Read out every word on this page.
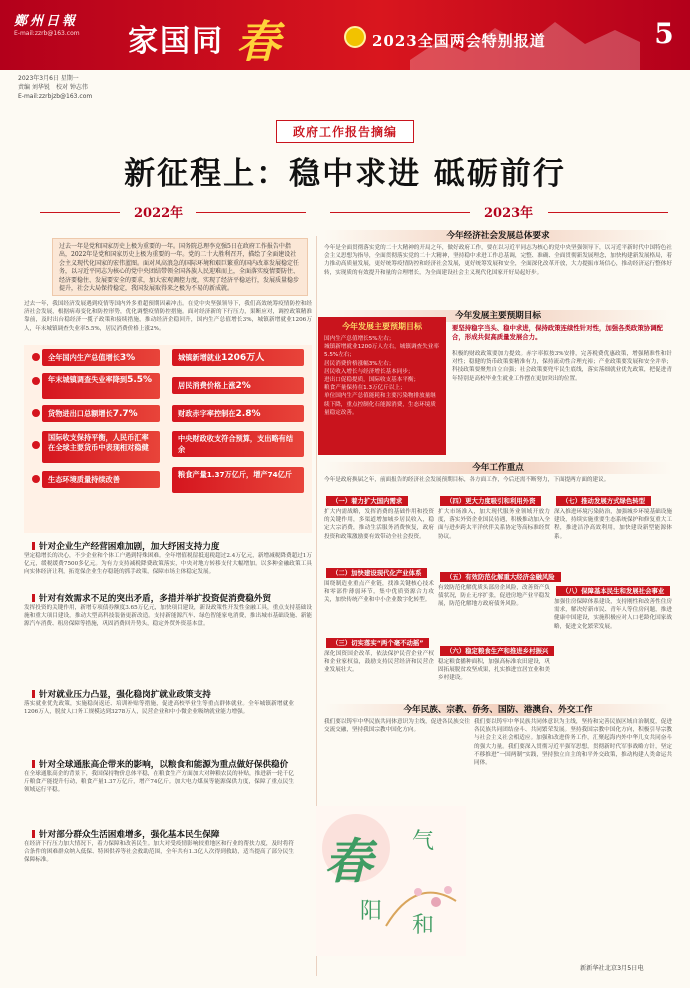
鄭州日報
E-mail:zzrb@163.com 家国同 春	2023全国两会特别报道	5
2023年3月6日 星期一
责编 刘华锐　 校对 钟志伟
E-mail:zzrbjzb@163.com
政府工作报告摘编
新征程上：稳中求进 砥砺前行
2022年	2023年
过去一年是党和国家历史上极为重要的一年。国务院总理李克强5日在政府工作报告中指出，2022年是党和国家历史上极为重要的一年。党的二十大胜利召开，描绘了全面建设社会主义现代化国家的宏伟蓝图。面对风高浪急的国际环境和艰巨繁重的国内改革发展稳定任务，以习近平同志为核心的党中央团结带领全国各族人民迎难而上，全面落实疫情要防住、经济要稳住、发展要安全的要求，加大宏观调控力度，实现了经济平稳运行，发展质量稳步提升，社会大局保持稳定，我国发展取得来之极为不易的新成就。
过去一年，我国经济发展遇到疫情等国内外多重超预期因素冲击。在党中央坚强领导下，我们高效统筹疫情防控和经济社会发展，根据病毒变化和防控形势，优化调整疫情防控措施。面对经济新的下行压力，果断应对，调控政策精准靠前，及时出台稳经济一揽子政策和接续措施，推动经济企稳回升，国内生产总值增长3%，城镇新增就业1206万人，年末城镇调查失业率5.5%，居民消费价格上涨2%。
全年国内生产总值增长3%	城镇新增就业1206万人
年末城镇调查失业率降到5.5%
居民消费价格上涨2%
货物进出口总额增长7.7%	财政赤字率控制在2.8%
国际收支保持平衡，人民币汇率在全球主要货币中表现相对稳健
中央财政收支符合预算，支出略有结余
生态环境质量持续改善
粮食产量1.37万亿斤，增产74亿斤
针对企业生产经营困难加剧，加大纾困支持力度
坚定稳增长的决心，不少企业和个体工户遇到特殊困难。全年增值税留抵退税超过2.4万亿元，新增减税降费超过1万亿元，缓税缓费7500多亿元。为有力支持减税降费政策落实，中央对地方转移支付大幅增加。以多种金融政策工具向实体经济让利，拓宽保企业生存稳链的抓手政策，保障市场主体稳定发展。
针对有效需求不足的突出矛盾，多措并举扩投资促消费稳外贸
发挥投资的关键作用，新增专项债券额度3.65万亿元，加快项目建设，新设政策性开发性金融工具，重点支持基础设施和重大项目建设，推动大型高科技装备更新改造。支持新能源汽车、绿色智能家电消费，推出城市基础设施、新能源汽车消费、租房保障等措施，巩固消费回升势头，稳定外贸外资基本盘。
针对就业压力凸显，强化稳岗扩就业政策支持
落实就业优先政策，实施稳岗返还、培训补贴等措施，促进高校毕业生等重点群体就业。全年城镇新增就业1206万人，脱贫人口务工规模达到3278万人，民营企业和中小微企业吸纳就业能力增强。
针对全球通胀高企带来的影响，以粮食和能源为重点做好保供稳价
在全球通胀高企的背景下，我国保持物价总体平稳，在粮食生产方面加大对种粮农民的补贴，推进新一轮千亿斤粮食产能提升行动，粮食产量1.37万亿斤，增产74亿斤。加大电力煤炭等能源保供力度，保障了重点民生领域运行平稳。
针对部分群众生活困难增多，强化基本民生保障
在经济下行压力加大情况下，着力保障和改善民生。加大对受疫情影响较重地区和行业的帮扶力度，及时将符合条件的困难群众纳入低保、特困供养等社会救助范围，全年共有1.3亿人次得到救助，适当提高了部分民生保障标准。
今年经济社会发展总体要求
今年是全面贯彻落实党的二十大精神的开局之年，做好政府工作，要在以习近平同志为核心的党中央坚强领导下，以习近平新时代中国特色社会主义思想为指导，全面贯彻落实党的二十大精神，坚持稳中求进工作总基调，完整、准确、全面贯彻新发展理念，加快构建新发展格局，着力推动高质量发展，更好统筹疫情防控和经济社会发展，更好统筹发展和安全，全面深化改革开放，大力提振市场信心，推动经济运行整体好转，实现质的有效提升和量的合理增长，为全面建设社会主义现代化国家开好局起好步。
今年发展主要预期目标
今年发展主要预期目标
国内生产总值增长5%左右；
城镇新增就业1200万人左右，城镇调查失业率5.5%左右；
居民消费价格涨幅3%左右；
居民收入增长与经济增长基本同步；
进出口促稳提质，国际收支基本平衡；
粮食产量保持在1.3万亿斤以上；
单位国内生产总值能耗和主要污染物排放量继续下降，重点控制化石能源消费，生态环境质量稳定改善。
要坚持稳字当头、稳中求进，保持政策连续性针对性，加强各类政策协调配合，形成共促高质量发展合力。
积极的财政政策要加力提效。赤字率拟按3%安排，完善税费优惠政策，增强精准性和针对性；稳健的货币政策要精准有力，保持流动性合理充裕；产业政策要发展和安全并举；科技政策要聚焦自立自强；社会政策要兜牢民生底线，落实落细就业优先政策，把促进青年特别是高校毕业生就业工作摆在更加突出的位置。
今年工作重点
今年是政府换届之年，前面报告的经济社会发展预期目标，各方面工作，今后还需不断努力，下面提两方面的建议。
（一）着力扩大国内需求
扩大内需战略，发挥消费的基础作用和投资的关键作用，多渠道增加城乡居民收入，稳定大宗消费，推动生活服务消费恢复，政府投资和政策激励要有效带动全社会投资。
（二）加快建设现代化产业体系
围绕制造业重点产业链，找准关键核心技术和零部件薄弱环节，集中优质资源合力攻关，加快传统产业和中小企业数字化转型。
（三）切实落实“两个毫不动摇”
深化国资国企改革，依法保护民营企业产权和企业家权益，鼓励支持民营经济和民营企业发展壮大。
（四）更大力度吸引和利用外资
扩大市场准入，加大现代服务业领域开放力度，落实外资企业国民待遇，积极推动加入全面与进步跨太平洋伙伴关系协定等高标准经贸协议。
（五）有效防范化解重大经济金融风险
有效防范化解优质头部房企风险，改善资产负债状况，防止无序扩张，促进房地产业平稳发展，防范化解地方政府债务风险。
（六）稳定粮食生产和推进乡村振兴
稳定粮食播种面积，加强高标准农田建设，巩固拓展脱贫攻坚成果，扎实推进宜居宜业和美乡村建设。
（七）推动发展方式绿色转型
深入推进环境污染防治，加强城乡环境基础设施建设，持续实施重要生态系统保护和修复重大工程，推进洁净高效利用，加快建设新型能源体系。
（八）保障基本民生和发展社会事业
加强住房保障体系建设，支持刚性和改善性住房需求，解决好新市民、青年人等住房问题，推进健康中国建设，实施积极应对人口老龄化国家战略，促进文化繁荣发展。
今年民族、宗教、侨务、国防、港澳台、外交工作
我们要以铸牢中华民族共同体意识为主线，坚持和完善民族区域自治制度，促进各民族共同团结奋斗、共同繁荣发展。坚持我国宗教中国化方向，积极引导宗教与社会主义社会相适应。加强和改进侨务工作，汇聚起海内外中华儿女共同奋斗的强大力量。我们要深入贯彻习近平强军思想，贯彻新时代军事战略方针，坚定不移推进“一国两制”实践，坚持独立自主的和平外交政策，推动构建人类命运共同体。
我们要以铸牢中华民族共同体意识为主线，促进各民族交往交流交融，坚持我国宗教中国化方向。
春 气
阳
和
新新华社北京3月5日电
